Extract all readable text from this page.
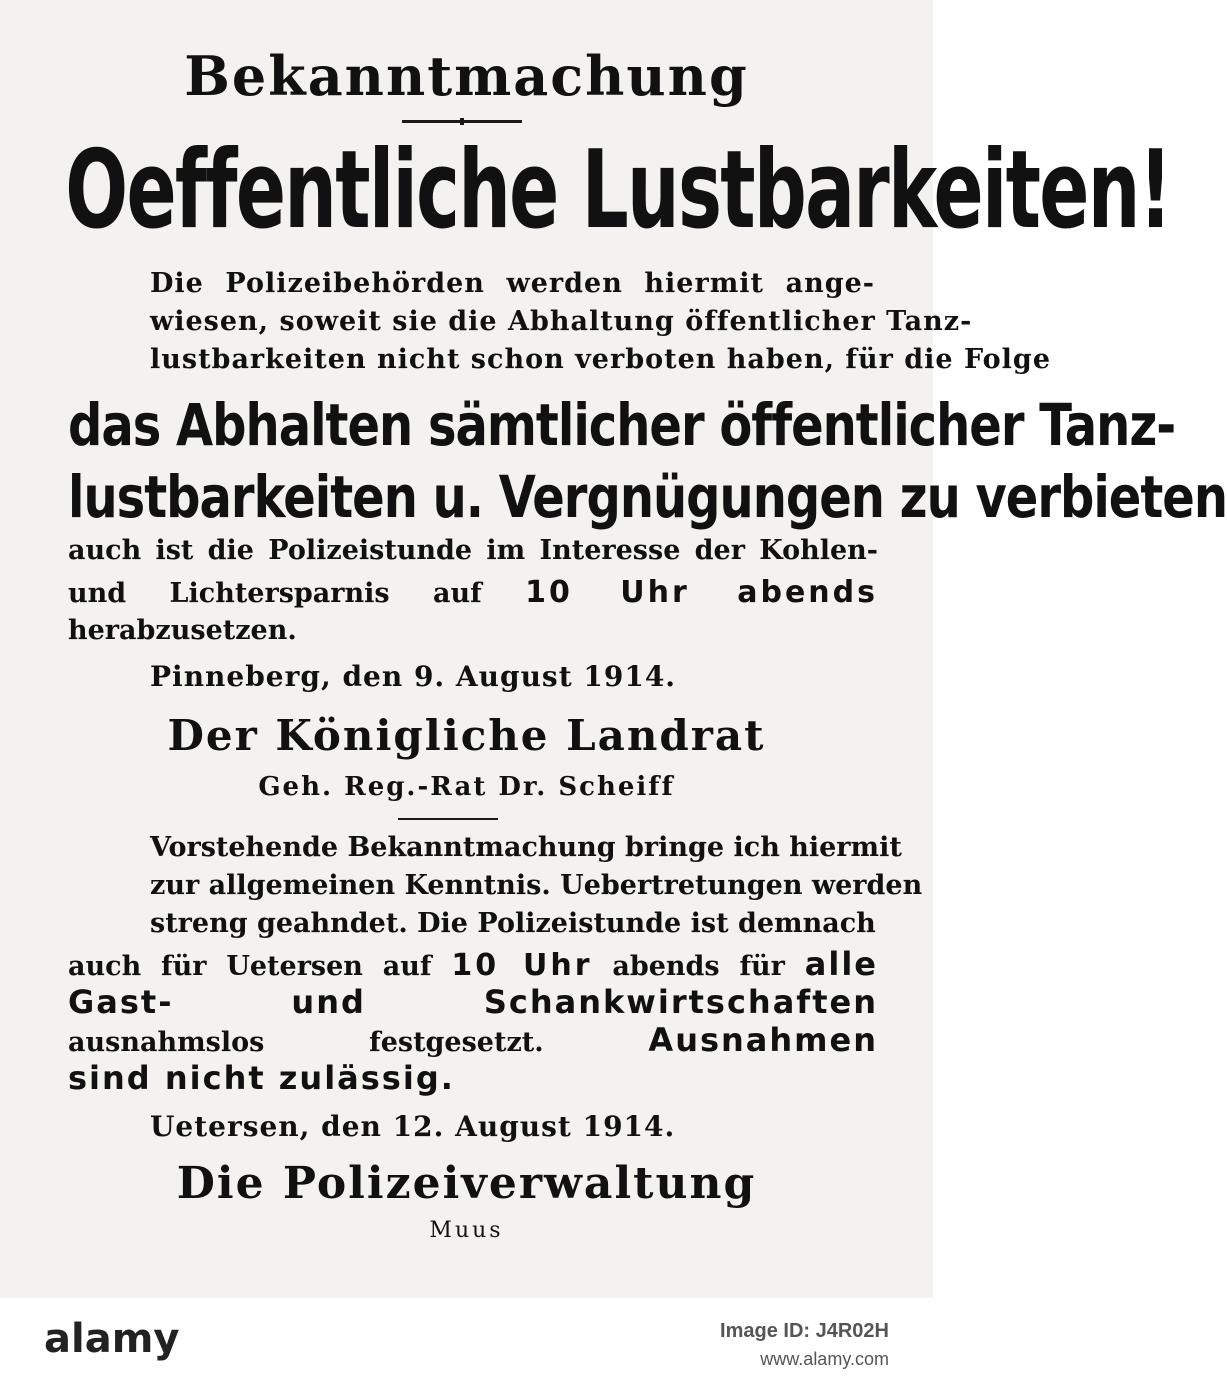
Bekanntmachung
Oeffentliche Lustbarkeiten!
Die Polizeibehörden werden hiermit ange-
wiesen, soweit sie die Abhaltung öffentlicher Tanz-
lustbarkeiten nicht schon verboten haben, für die Folge
das Abhalten sämtlicher öffentlicher Tanz-
lustbarkeiten u. Vergnügungen zu verbieten
auch ist die Polizeistunde im Interesse der Kohlen-
und Lichtersparnis auf 10 Uhr abends
herabzusetzen.
Pinneberg, den 9. August 1914.
Der Königliche Landrat
Geh. Reg.-Rat Dr. Scheiff
Vorstehende Bekanntmachung bringe ich hiermit
zur allgemeinen Kenntnis. Uebertretungen werden
streng geahndet. Die Polizeistunde ist demnach
auch für Uetersen auf 10 Uhr abends für alle
Gast- und Schankwirtschaften
ausnahmslos festgesetzt.	Ausnahmen
sind nicht zulässig.
Uetersen, den 12. August 1914.
Die Polizeiverwaltung
Muus
alamy	Image ID: J4R02H
www.alamy.com
